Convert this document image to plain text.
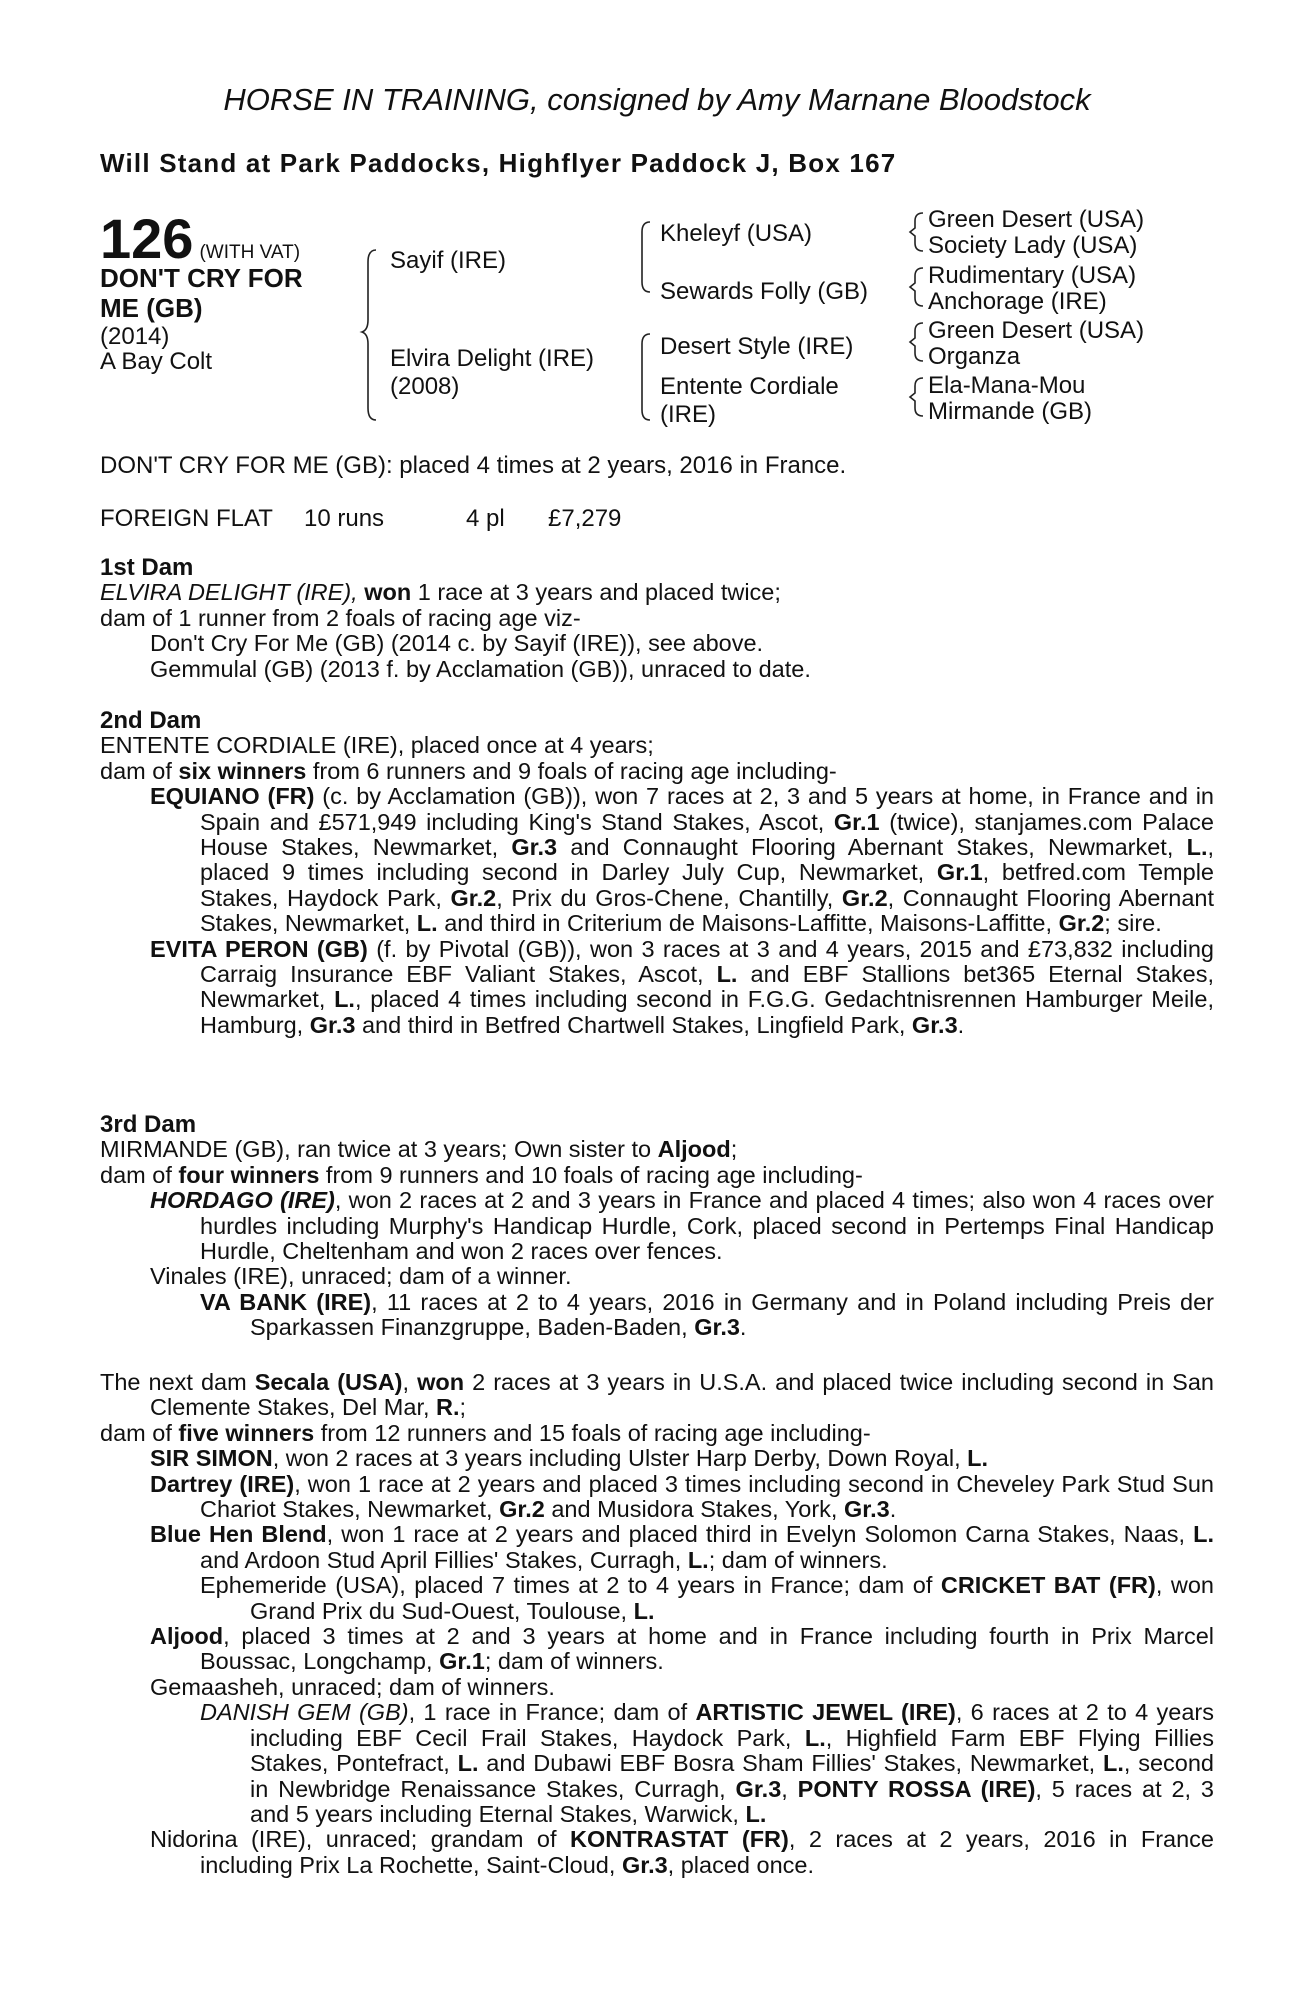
HORSE IN TRAINING, consigned by Amy Marnane Bloodstock
Will Stand at Park Paddocks, Highflyer Paddock J, Box 167
126 (WITH VAT)
DON'T CRY FOR ME (GB)
(2014)
A Bay Colt
Sayif (IRE)
Elvira Delight (IRE)
(2008)
Kheleyf (USA)
Sewards Folly (GB)
Desert Style (IRE)
Entente Cordiale
(IRE)
Green Desert (USA)
Society Lady (USA)
Rudimentary (USA)
Anchorage (IRE)
Green Desert (USA)
Organza
Ela-Mana-Mou
Mirmande (GB)
DON'T CRY FOR ME (GB): placed 4 times at 2 years, 2016 in France.
FOREIGN FLAT 10 runs	4 pl £7,279

1st Dam

ELVIRA DELIGHT (IRE), won 1 race at 3 years and placed twice;

dam of 1 runner from 2 foals of racing age viz-

Don't Cry For Me (GB) (2014 c. by Sayif (IRE)), see above.

Gemmulal (GB) (2013 f. by Acclamation (GB)), unraced to date.

2nd Dam

ENTENTE CORDIALE (IRE), placed once at 4 years;

dam of six winners from 6 runners and 9 foals of racing age including-

EQUIANO (FR) (c. by Acclamation (GB)), won 7 races at 2, 3 and 5 years at home, in France and in Spain and £571,949 including King's Stand Stakes, Ascot, Gr.1 (twice), stanjames.com Palace House Stakes, Newmarket, Gr.3 and Connaught Flooring Abernant Stakes, Newmarket, L., placed 9 times including second in Darley July Cup, Newmarket, Gr.1, betfred.com Temple Stakes, Haydock Park, Gr.2, Prix du Gros-Chene, Chantilly, Gr.2, Connaught Flooring Abernant Stakes, Newmarket, L. and third in Criterium de Maisons-Laffitte, Maisons-Laffitte, Gr.2; sire.

EVITA PERON (GB) (f. by Pivotal (GB)), won 3 races at 3 and 4 years, 2015 and £73,832 including Carraig Insurance EBF Valiant Stakes, Ascot, L. and EBF Stallions bet365 Eternal Stakes, Newmarket, L., placed 4 times including second in F.G.G. Gedachtnisrennen Hamburger Meile, Hamburg, Gr.3 and third in Betfred Chartwell Stakes, Lingfield Park, Gr.3.

3rd Dam

MIRMANDE (GB), ran twice at 3 years; Own sister to Aljood;

dam of four winners from 9 runners and 10 foals of racing age including-

HORDAGO (IRE), won 2 races at 2 and 3 years in France and placed 4 times; also won 4 races over hurdles including Murphy's Handicap Hurdle, Cork, placed second in Pertemps Final Handicap Hurdle, Cheltenham and won 2 races over fences.

Vinales (IRE), unraced; dam of a winner.

VA BANK (IRE), 11 races at 2 to 4 years, 2016 in Germany and in Poland including Preis der Sparkassen Finanzgruppe, Baden-Baden, Gr.3.

The next dam Secala (USA), won 2 races at 3 years in U.S.A. and placed twice including second in San Clemente Stakes, Del Mar, R.;

dam of five winners from 12 runners and 15 foals of racing age including-

SIR SIMON, won 2 races at 3 years including Ulster Harp Derby, Down Royal, L.

Dartrey (IRE), won 1 race at 2 years and placed 3 times including second in Cheveley Park Stud Sun Chariot Stakes, Newmarket, Gr.2 and Musidora Stakes, York, Gr.3.

Blue Hen Blend, won 1 race at 2 years and placed third in Evelyn Solomon Carna Stakes, Naas, L. and Ardoon Stud April Fillies' Stakes, Curragh, L.; dam of winners.

Ephemeride (USA), placed 7 times at 2 to 4 years in France; dam of CRICKET BAT (FR), won Grand Prix du Sud-Ouest, Toulouse, L.

Aljood, placed 3 times at 2 and 3 years at home and in France including fourth in Prix Marcel Boussac, Longchamp, Gr.1; dam of winners.

Gemaasheh, unraced; dam of winners.

DANISH GEM (GB), 1 race in France; dam of ARTISTIC JEWEL (IRE), 6 races at 2 to 4 years including EBF Cecil Frail Stakes, Haydock Park, L., Highfield Farm EBF Flying Fillies Stakes, Pontefract, L. and Dubawi EBF Bosra Sham Fillies' Stakes, Newmarket, L., second in Newbridge Renaissance Stakes, Curragh, Gr.3, PONTY ROSSA (IRE), 5 races at 2, 3 and 5 years including Eternal Stakes, Warwick, L.

Nidorina (IRE), unraced; grandam of KONTRASTAT (FR), 2 races at 2 years, 2016 in France including Prix La Rochette, Saint-Cloud, Gr.3, placed once.
